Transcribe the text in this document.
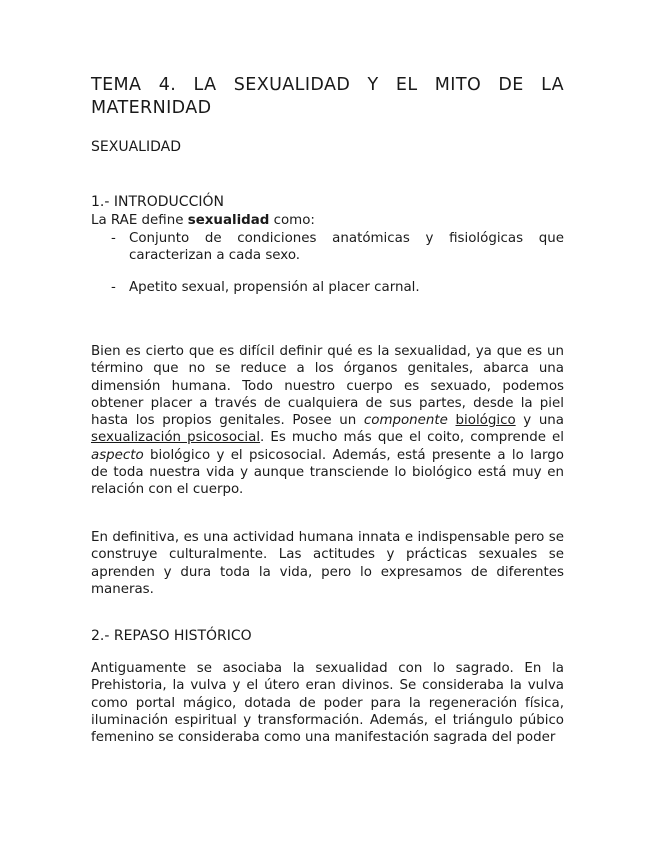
TEMA 4. LA SEXUALIDAD Y EL MITO DE LA MATERNIDAD
SEXUALIDAD
1.- INTRODUCCIÓN

La RAE define sexualidad como:

- Conjunto de condiciones anatómicas y fisiológicas que caracterizan a cada sexo.
- Apetito sexual, propensión al placer carnal.

Bien es cierto que es difícil definir qué es la sexualidad, ya que es un término que no se reduce a los órganos genitales, abarca una dimensión humana. Todo nuestro cuerpo es sexuado, podemos obtener placer a través de cualquiera de sus partes, desde la piel hasta los propios genitales. Posee un componente biológico y una sexualización psicosocial. Es mucho más que el coito, comprende el aspecto biológico y el psicosocial. Además, está presente a lo largo de toda nuestra vida y aunque transciende lo biológico está muy en relación con el cuerpo.

En definitiva, es una actividad humana innata e indispensable pero se construye culturalmente. Las actitudes y prácticas sexuales se aprenden y dura toda la vida, pero lo expresamos de diferentes maneras.

2.- REPASO HISTÓRICO

Antiguamente se asociaba la sexualidad con lo sagrado. En la Prehistoria, la vulva y el útero eran divinos. Se consideraba la vulva como portal mágico, dotada de poder para la regeneración física, iluminación espiritual y transformación. Además, el triángulo púbico femenino se consideraba como una manifestación sagrada del poder
